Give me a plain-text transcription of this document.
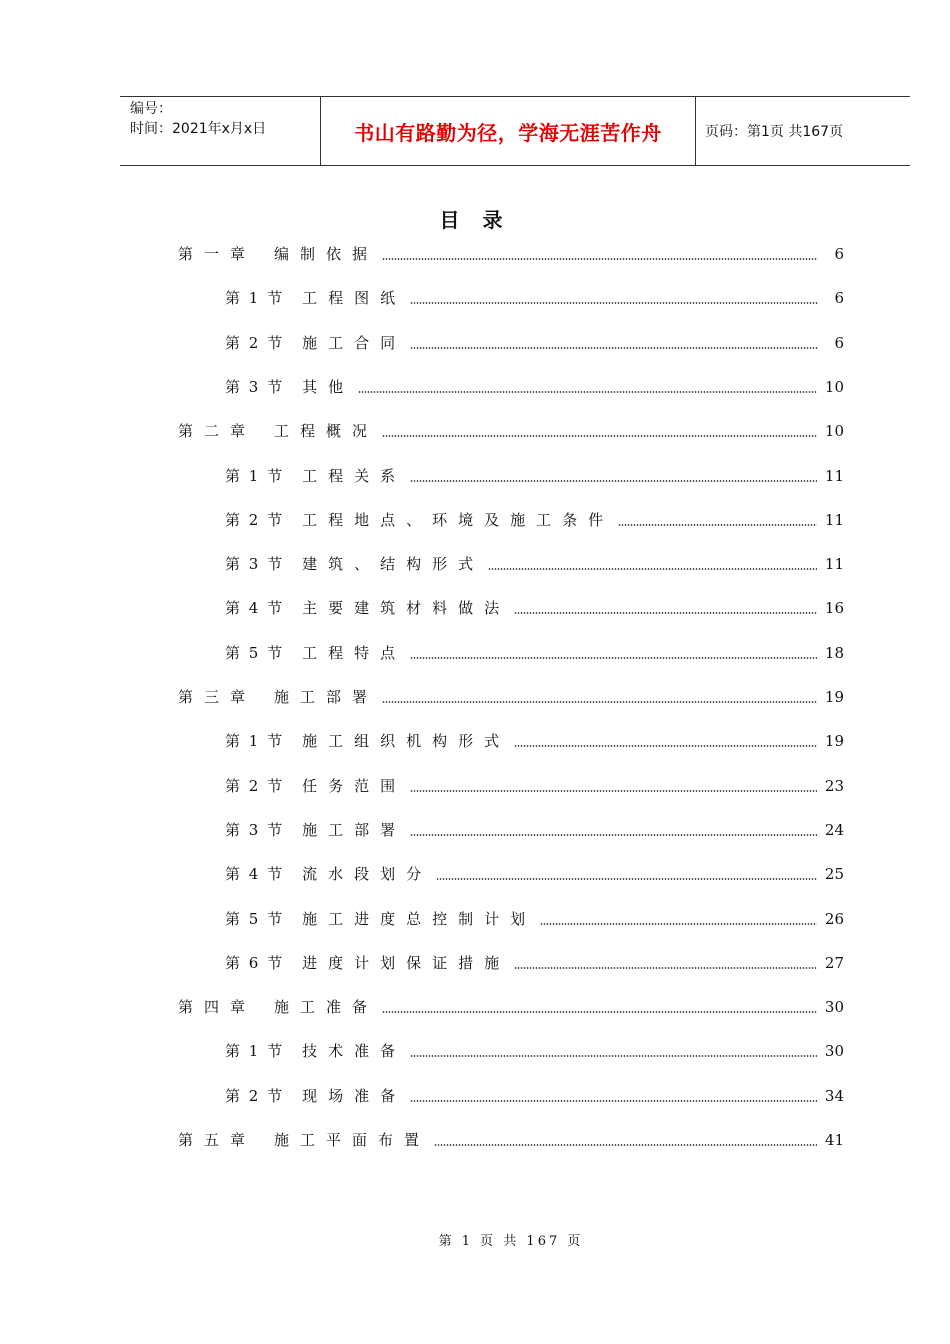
编号：
时间：2021年x月x日	书山有路勤为径，学海无涯苦作舟	页码：第1页 共167页
目 录
第一章 编制依据	6
第 1 节 工程图纸	6
第 2 节 施工合同	6
第 3 节 其他	10
第二章 工程概况	10
第 1 节 工程关系	11
第 2 节 工程地点、环境及施工条件	11
第 3 节 建筑、结构形式	11
第 4 节 主要建筑材料做法	16
第 5 节 工程特点	18
第三章 施工部署	19
第 1 节 施工组织机构形式	19
第 2 节 任务范围	23
第 3 节 施工部署	24
第 4 节 流水段划分	25
第 5 节 施工进度总控制计划	26
第 6 节 进度计划保证措施	27
第四章 施工准备	30
第 1 节 技术准备	30
第 2 节 现场准备	34
第五章 施工平面布置	41
第 1 页 共 167 页
